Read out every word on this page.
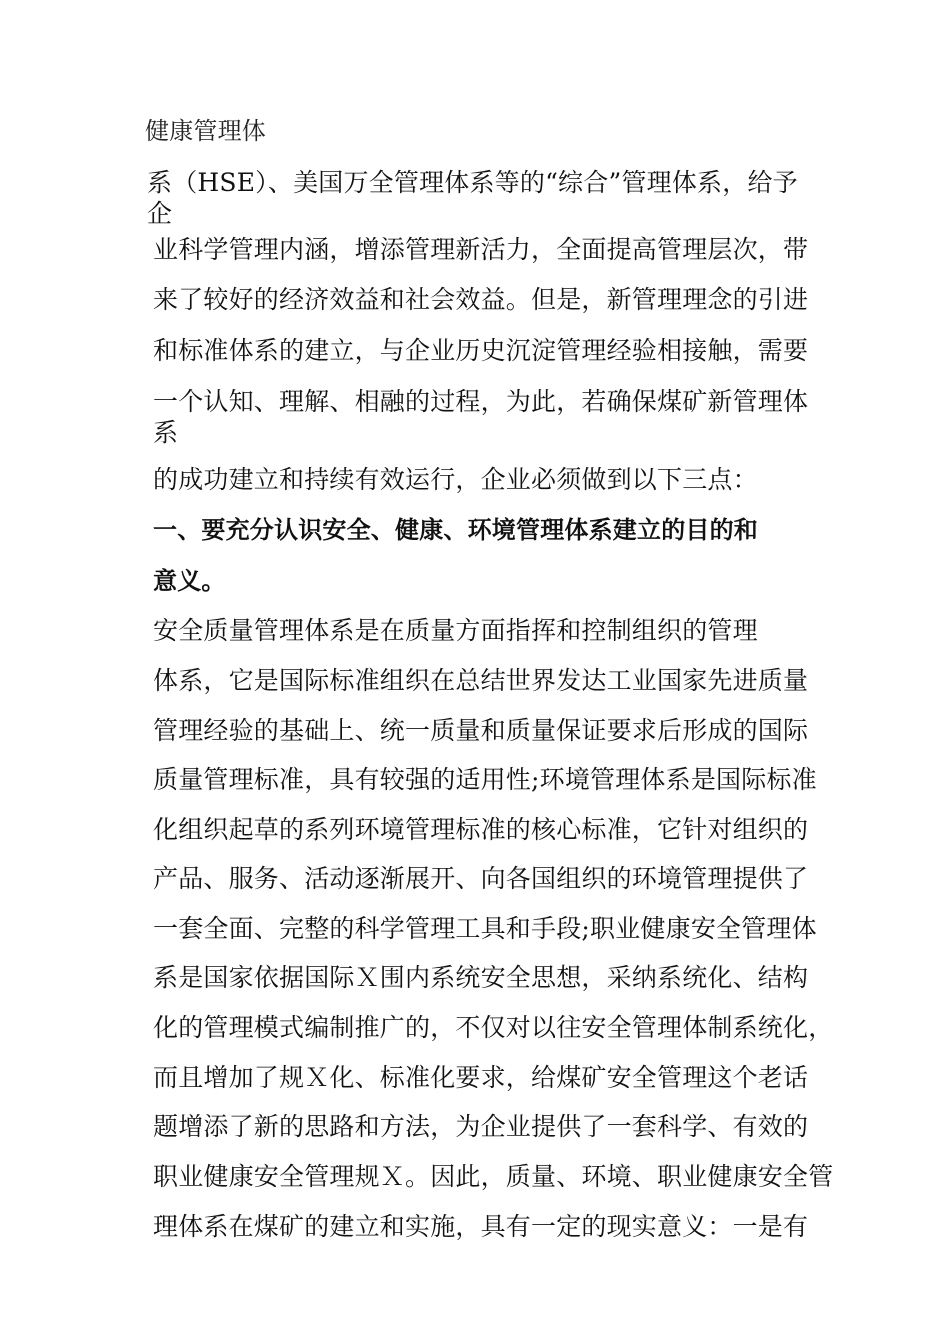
健康管理体
系（HSE）、美国万全管理体系等的“综合”管理体系，给予
企
业科学管理内涵，增添管理新活力，全面提高管理层次，带
来了较好的经济效益和社会效益。但是，新管理理念的引进
和标准体系的建立，与企业历史沉淀管理经验相接触，需要
一个认知、理解、相融的过程，为此，若确保煤矿新管理体
系
的成功建立和持续有效运行，企业必须做到以下三点：
一、要充分认识安全、健康、环境管理体系建立的目的和
意义。
安全质量管理体系是在质量方面指挥和控制组织的管理
体系，它是国际标准组织在总结世界发达工业国家先进质量
管理经验的基础上、统一质量和质量保证要求后形成的国际
质量管理标准，具有较强的适用性;环境管理体系是国际标准
化组织起草的系列环境管理标准的核心标准，它针对组织的
产品、服务、活动逐渐展开、向各国组织的环境管理提供了
一套全面、完整的科学管理工具和手段;职业健康安全管理体
系是国家依据国际Ｘ围内系统安全思想，采纳系统化、结构
化的管理模式编制推广的，不仅对以往安全管理体制系统化，
而且增加了规Ｘ化、标准化要求，给煤矿安全管理这个老话
题增添了新的思路和方法，为企业提供了一套科学、有效的
职业健康安全管理规Ｘ。因此，质量、环境、职业健康安全管
理体系在煤矿的建立和实施，具有一定的现实意义：一是有
